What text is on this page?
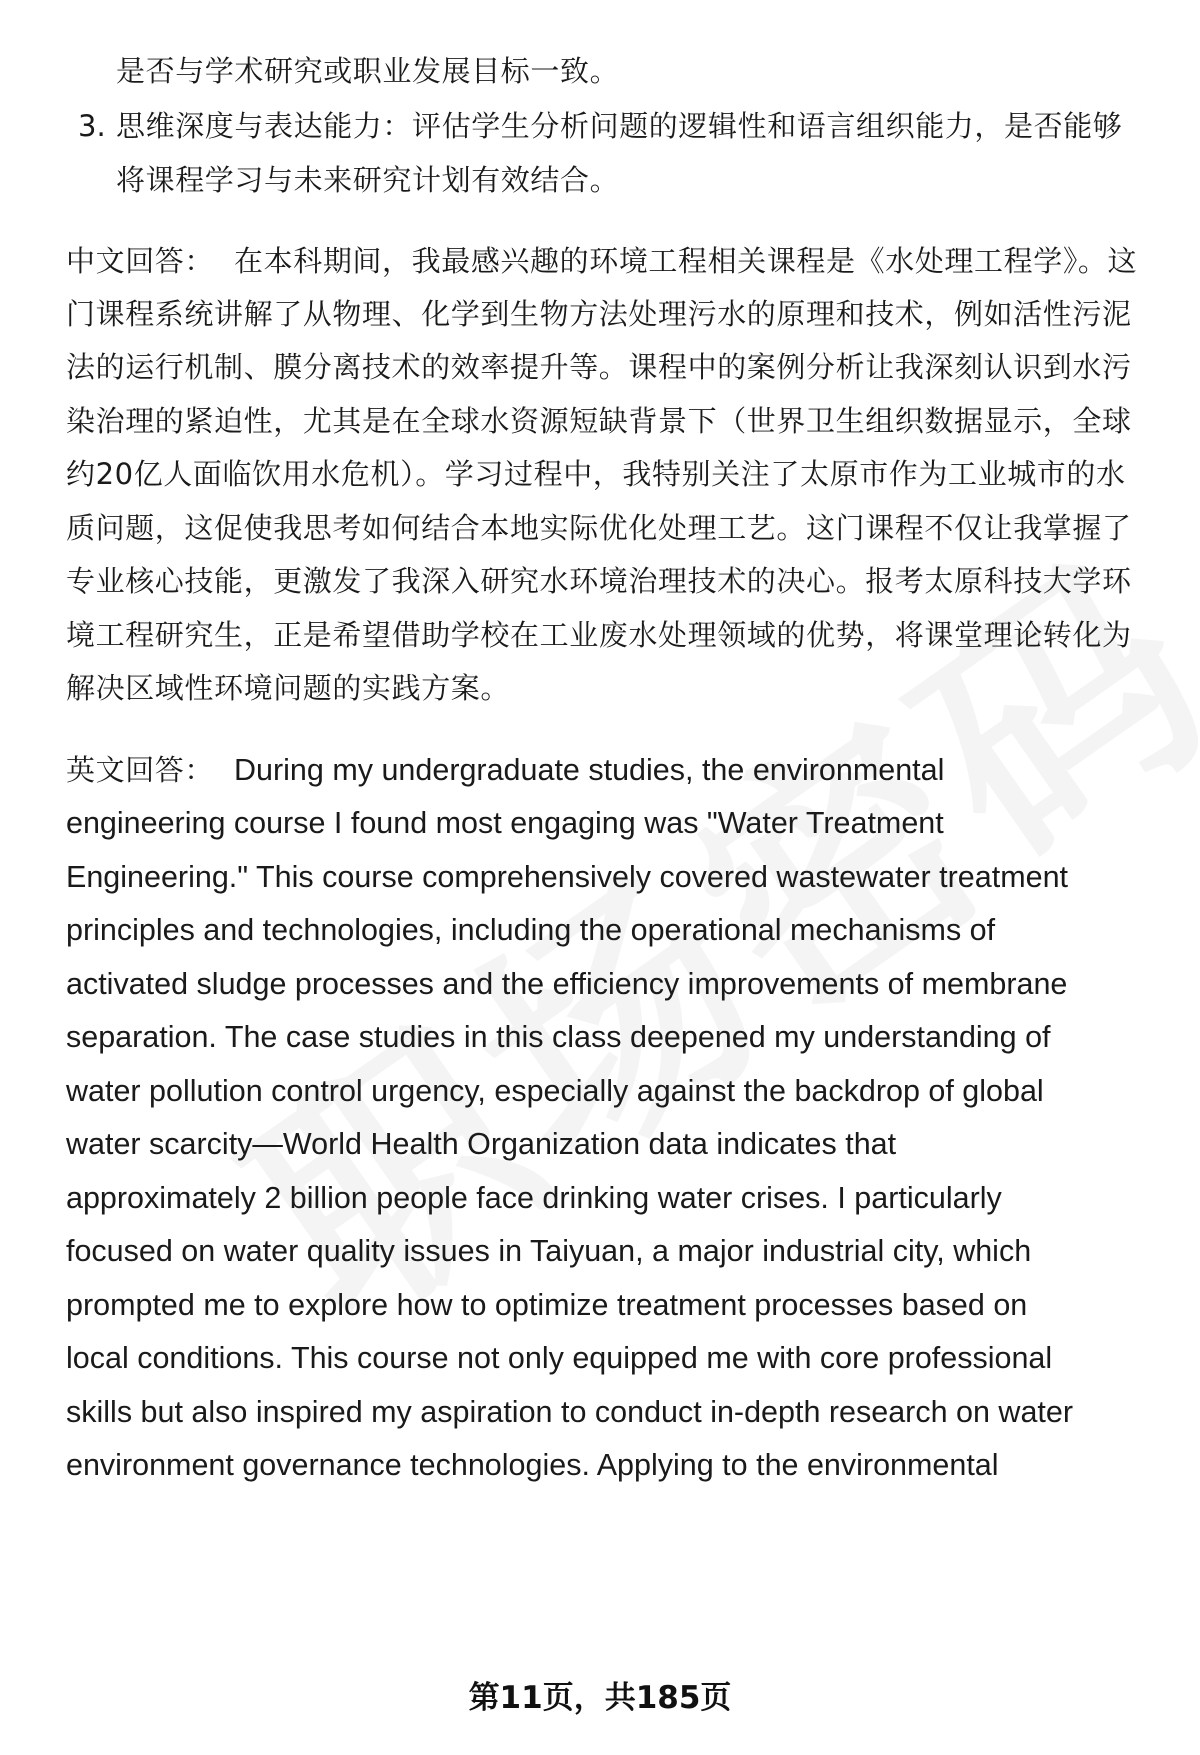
是否与学术研究或职业发展目标一致。
3. 思维深度与表达能力：评估学生分析问题的逻辑性和语言组织能力，是否能够
将课程学习与未来研究计划有效结合。
中文回答： 在本科期间，我最感兴趣的环境工程相关课程是《水处理工程学》。这
门课程系统讲解了从物理、化学到生物方法处理污水的原理和技术，例如活性污泥
法的运行机制、膜分离技术的效率提升等。课程中的案例分析让我深刻认识到水污
染治理的紧迫性，尤其是在全球水资源短缺背景下（世界卫生组织数据显示，全球
约20亿人面临饮用水危机）。学习过程中，我特别关注了太原市作为工业城市的水
质问题，这促使我思考如何结合本地实际优化处理工艺。这门课程不仅让我掌握了
专业核心技能，更激发了我深入研究水环境治理技术的决心。报考太原科技大学环
境工程研究生，正是希望借助学校在工业废水处理领域的优势，将课堂理论转化为
解决区域性环境问题的实践方案。
英文回答： During my undergraduate studies, the environmental
engineering course I found most engaging was "Water Treatment
Engineering." This course comprehensively covered wastewater treatment
principles and technologies, including the operational mechanisms of
activated sludge processes and the efficiency improvements of membrane
separation. The case studies in this class deepened my understanding of
water pollution control urgency, especially against the backdrop of global
water scarcity—World Health Organization data indicates that
approximately 2 billion people face drinking water crises. I particularly
focused on water quality issues in Taiyuan, a major industrial city, which
prompted me to explore how to optimize treatment processes based on
local conditions. This course not only equipped me with core professional
skills but also inspired my aspiration to conduct in-depth research on water
environment governance technologies. Applying to the environmental
第11页，共185页
